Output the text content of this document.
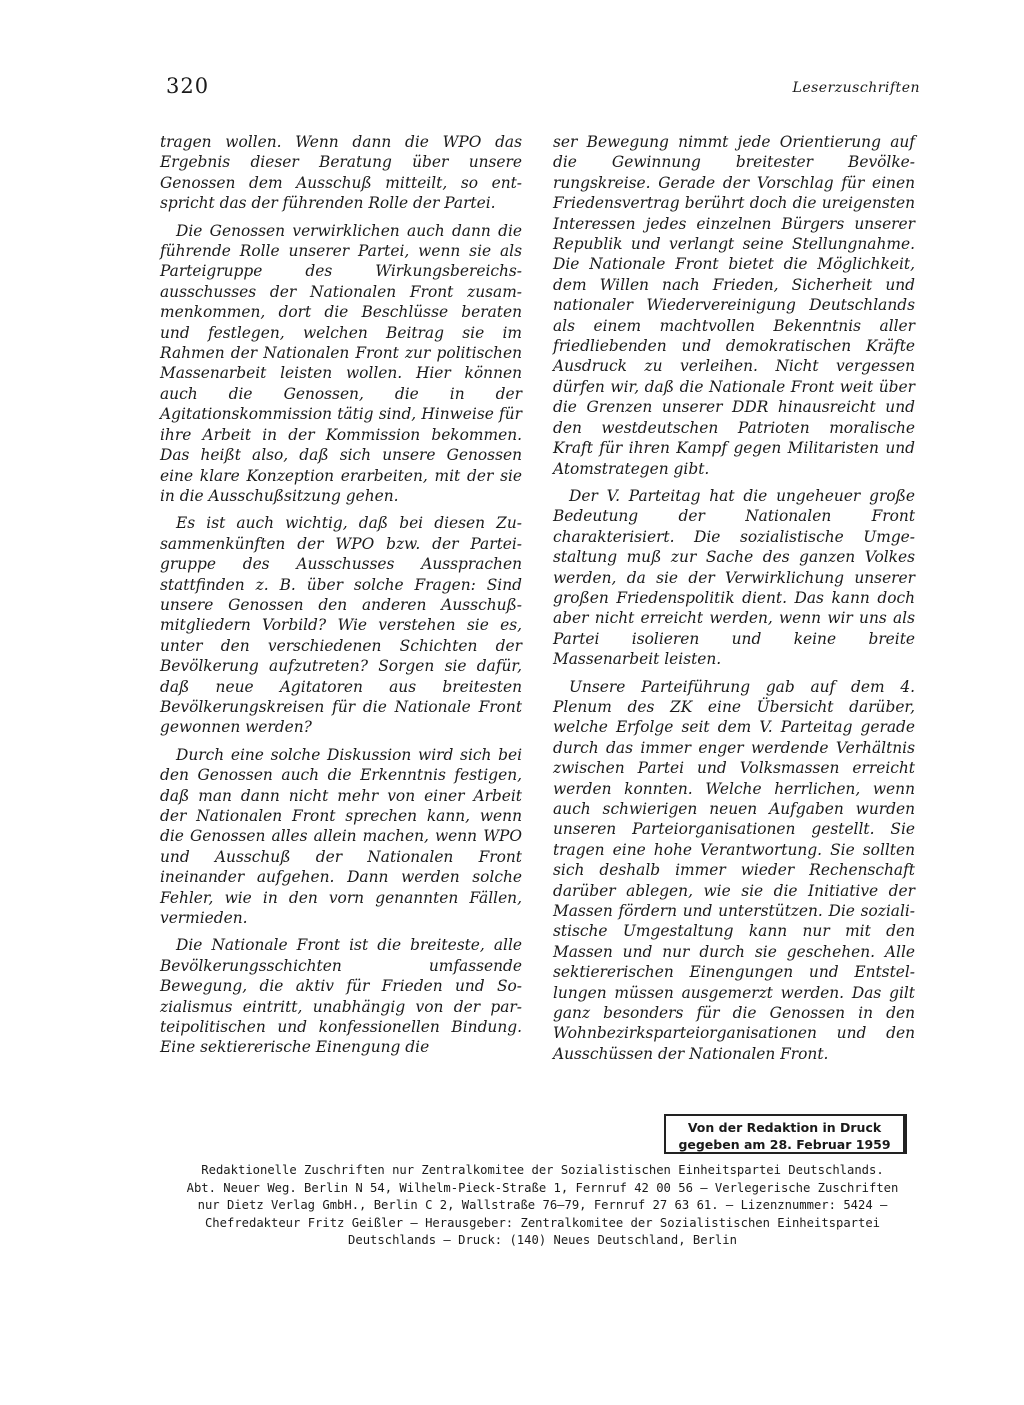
320	Leserzuschriften

tragen wollen. Wenn dann die WPO das Ergebnis dieser Beratung über unsere Genossen dem Ausschuß mitteilt, so entspricht das der führenden Rolle der Partei.

Die Genossen verwirklichen auch dann die führende Rolle unserer Partei, wenn sie als Parteigruppe des Wirkungsbereichsausschusses der Nationalen Front zusammenkommen, dort die Beschlüsse beraten und festlegen, welchen Beitrag sie im Rahmen der Nationalen Front zur politischen Massenarbeit leisten wollen. Hier können auch die Genossen, die in der Agitationskommission tätig sind, Hinweise für ihre Arbeit in der Kommission bekommen. Das heißt also, daß sich unsere Genossen eine klare Konzeption erarbeiten, mit der sie in die Ausschußsitzung gehen.

Es ist auch wichtig, daß bei diesen Zusammenkünften der WPO bzw. der Parteigruppe des Ausschusses Aussprachen stattfinden z. B. über solche Fragen: Sind unsere Genossen den anderen Ausschußmitgliedern Vorbild? Wie verstehen sie es, unter den verschiedenen Schichten der Bevölkerung aufzutreten? Sorgen sie dafür, daß neue Agitatoren aus breitesten Bevölkerungskreisen für die Nationale Front gewonnen werden?

Durch eine solche Diskussion wird sich bei den Genossen auch die Erkenntnis festigen, daß man dann nicht mehr von einer Arbeit der Nationalen Front sprechen kann, wenn die Genossen alles allein machen, wenn WPO und Ausschuß der Nationalen Front ineinander aufgehen. Dann werden solche Fehler, wie in den vorn genannten Fällen, vermieden.

Die Nationale Front ist die breiteste, alle Bevölkerungsschichten umfassende Bewegung, die aktiv für Frieden und Sozialismus eintritt, unabhängig von der parteipolitischen und konfessionellen Bindung. Eine sektiererische Einengung die

ser Bewegung nimmt jede Orientierung auf die Gewinnung breitester Bevölkerungskreise. Gerade der Vorschlag für einen Friedensvertrag berührt doch die ureigensten Interessen jedes einzelnen Bürgers unserer Republik und verlangt seine Stellungnahme. Die Nationale Front bietet die Möglichkeit, dem Willen nach Frieden, Sicherheit und nationaler Wiedervereinigung Deutschlands als einem machtvollen Bekenntnis aller friedliebenden und demokratischen Kräfte Ausdruck zu verleihen. Nicht vergessen dürfen wir, daß die Nationale Front weit über die Grenzen unserer DDR hinausreicht und den westdeutschen Patrioten moralische Kraft für ihren Kampf gegen Militaristen und Atomstrategen gibt.

Der V. Parteitag hat die ungeheuer große Bedeutung der Nationalen Front charakterisiert. Die sozialistische Umgestaltung muß zur Sache des ganzen Volkes werden, da sie der Verwirklichung unserer großen Friedenspolitik dient. Das kann doch aber nicht erreicht werden, wenn wir uns als Partei isolieren und keine breite Massenarbeit leisten.

Unsere Parteiführung gab auf dem 4. Plenum des ZK eine Übersicht darüber, welche Erfolge seit dem V. Parteitag gerade durch das immer enger werdende Verhältnis zwischen Partei und Volksmassen erreicht werden konnten. Welche herrlichen, wenn auch schwierigen neuen Aufgaben wurden unseren Parteiorganisationen gestellt. Sie tragen eine hohe Verantwortung. Sie sollten sich deshalb immer wieder Rechenschaft darüber ablegen, wie sie die Initiative der Massen fördern und unterstützen. Die sozialistische Umgestaltung kann nur mit den Massen und nur durch sie geschehen. Alle sektiererischen Einengungen und Entstellungen müssen ausgemerzt werden. Das gilt ganz besonders für die Genossen in den Wohnbezirksparteiorganisationen und den Ausschüssen der Nationalen Front.

Von der Redaktion in Druck
gegeben am 28. Februar 1959
Redaktionelle Zuschriften nur Zentralkomitee der Sozialistischen Einheitspartei Deutschlands.
Abt. Neuer Weg. Berlin N 54, Wilhelm-Pieck-Straße 1, Fernruf 42 00 56 – Verlegerische Zuschriften
nur Dietz Verlag GmbH., Berlin C 2, Wallstraße 76–79, Fernruf 27 63 61. – Lizenznummer: 5424 –
Chefredakteur Fritz Geißler – Herausgeber: Zentralkomitee der Sozialistischen Einheitspartei
Deutschlands – Druck: (140) Neues Deutschland, Berlin
